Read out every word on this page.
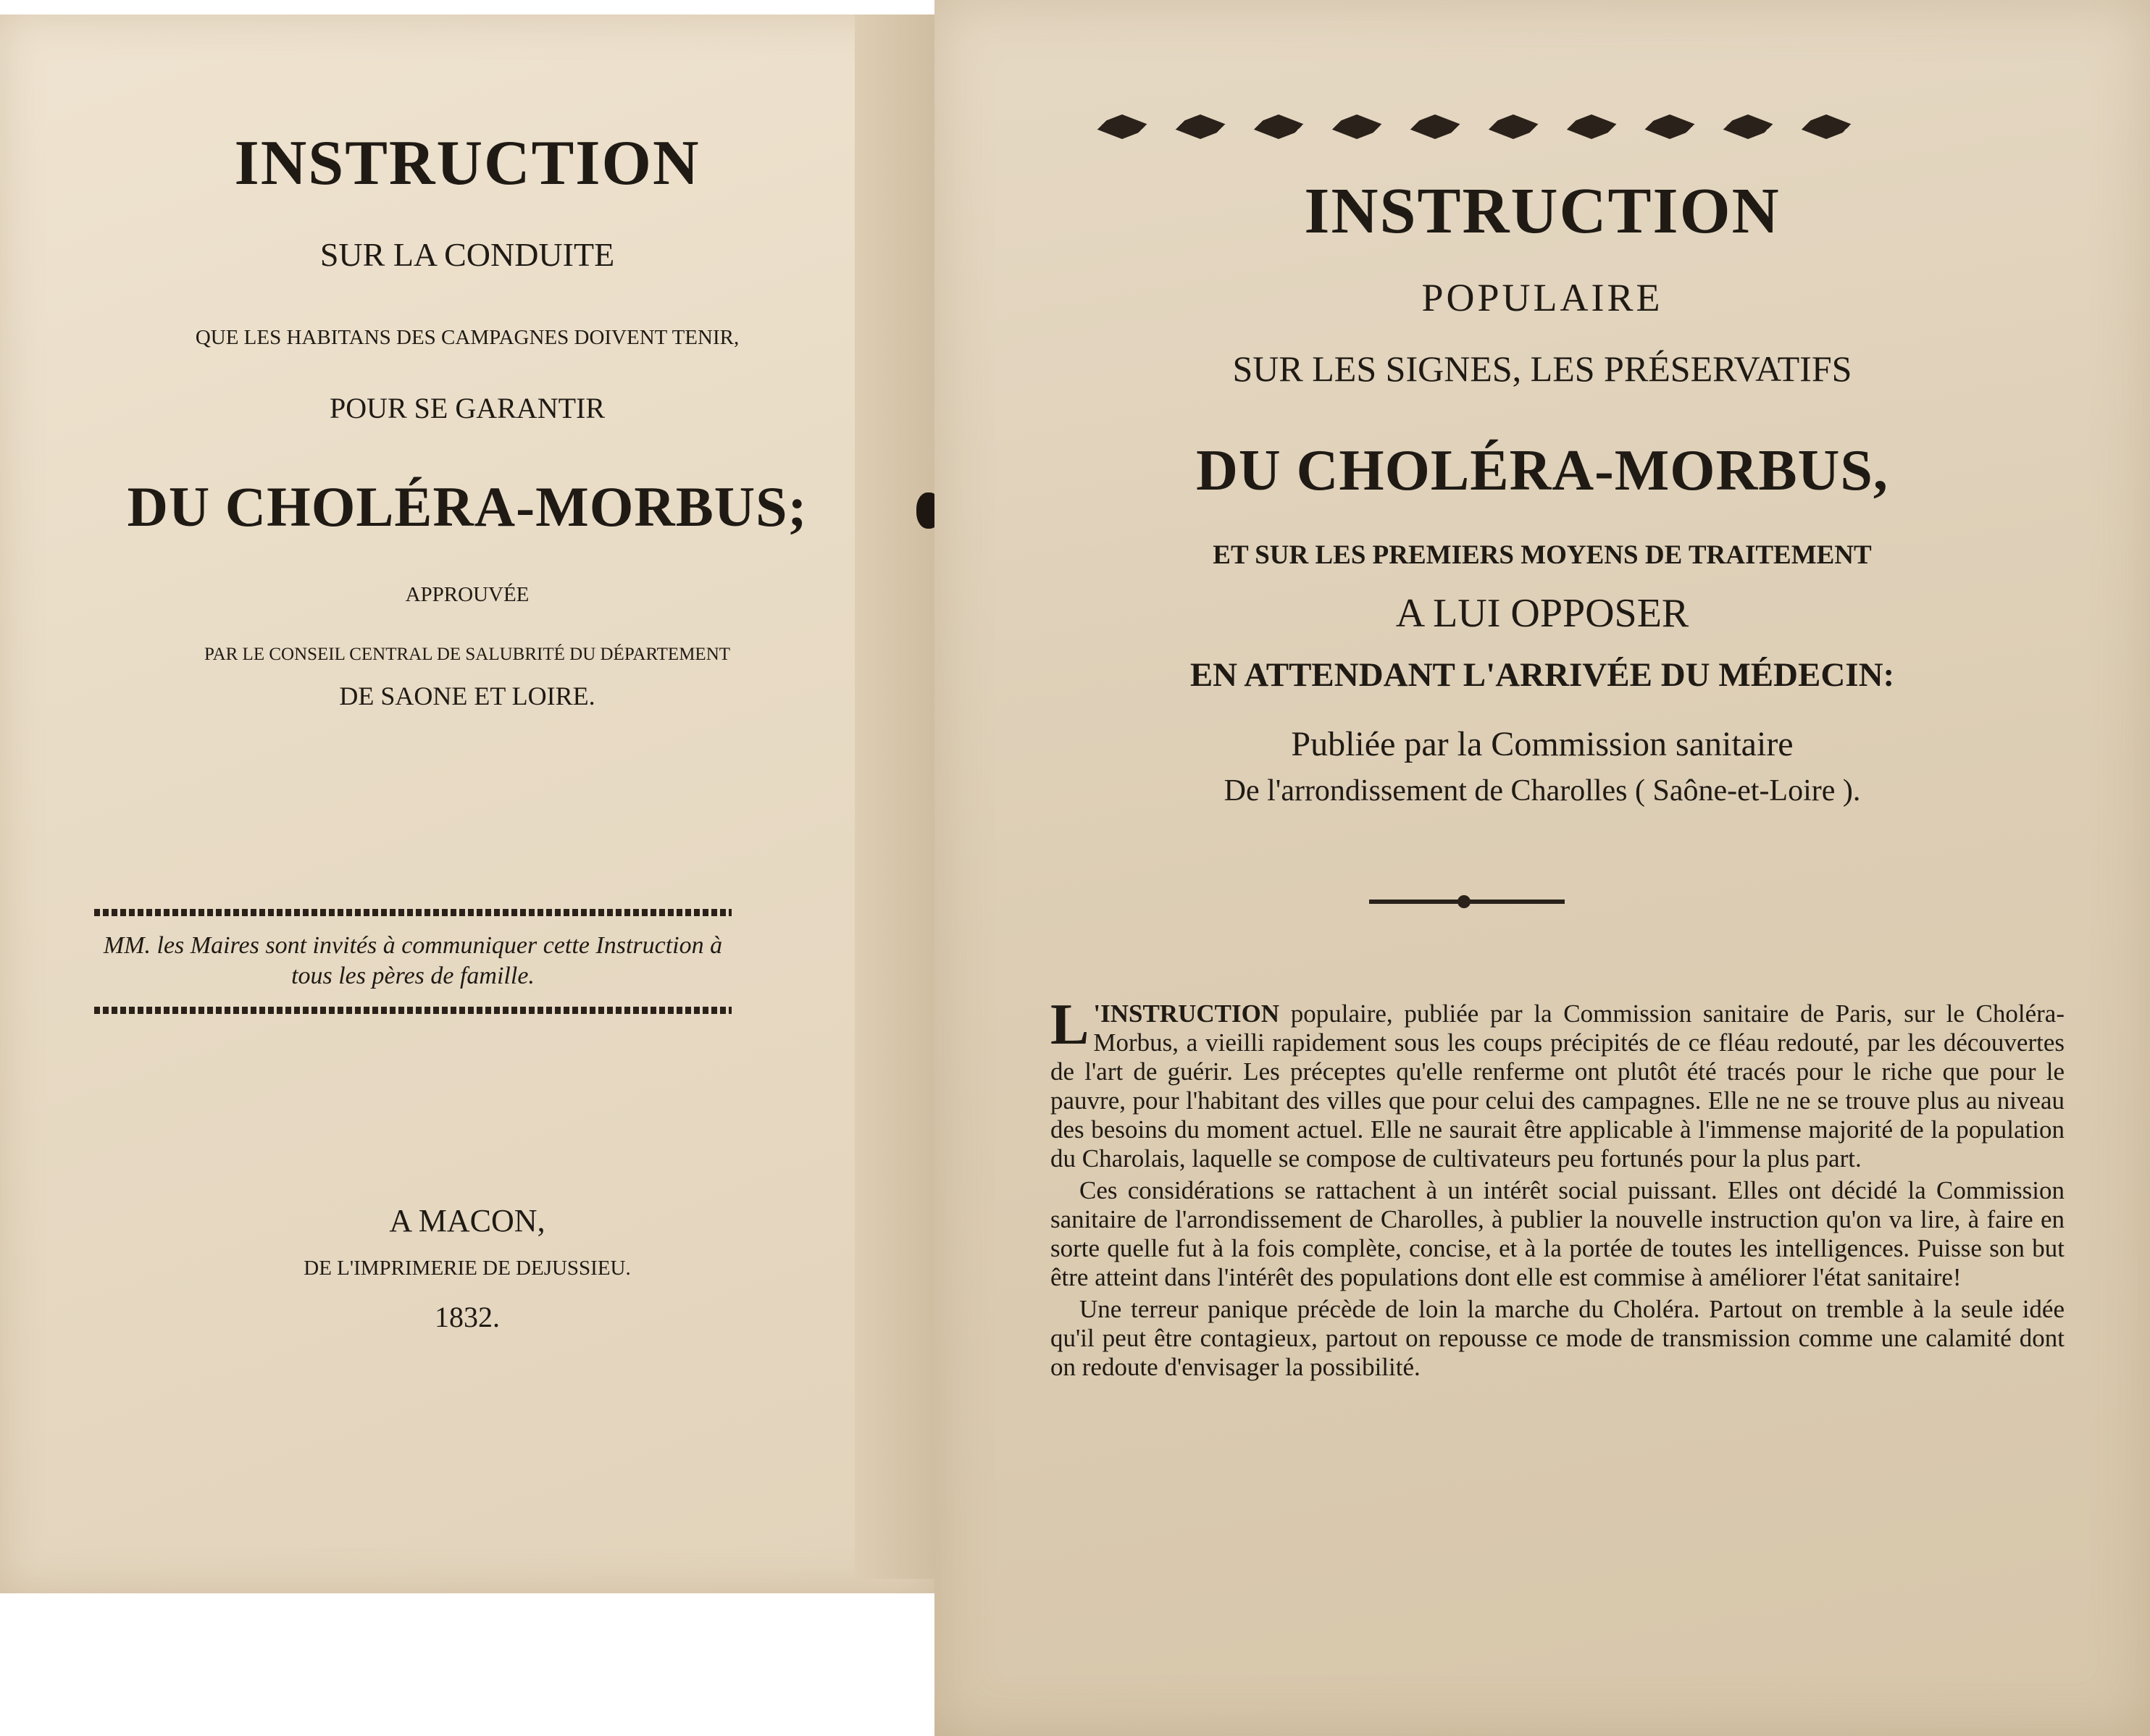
INSTRUCTION
SUR LA CONDUITE
QUE LES HABITANS DES CAMPAGNES DOIVENT TENIR,
POUR SE GARANTIR
DU CHOLÉRA-MORBUS;
APPROUVÉE
PAR LE CONSEIL CENTRAL DE SALUBRITÉ DU DÉPARTEMENT
DE SAONE ET LOIRE.
MM. les Maires sont invités à communiquer cette Instruction à tous les pères de famille.
A MACON,
DE L'IMPRIMERIE DE DEJUSSIEU.
1832.
INSTRUCTION
POPULAIRE
SUR LES SIGNES, LES PRÉSERVATIFS
DU CHOLÉRA-MORBUS,
ET SUR LES PREMIERS MOYENS DE TRAITEMENT
A LUI OPPOSER
EN ATTENDANT L'ARRIVÉE DU MÉDECIN:
Publiée par la Commission sanitaire
De l'arrondissement de Charolles ( Saône-et-Loire ).

L 'INSTRUCTION populaire, publiée par la Commission sanitaire de Paris, sur le Choléra-Morbus, a vieilli rapidement sous les coups précipités de ce fléau redouté, par les découvertes de l'art de guérir. Les préceptes qu'elle renferme ont plutôt été tracés pour le riche que pour le pauvre, pour l'habitant des villes que pour celui des campagnes. Elle ne ne se trouve plus au niveau des besoins du moment actuel. Elle ne saurait être applicable à l'immense majorité de la population du Charolais, laquelle se compose de cultivateurs peu fortunés pour la plus part.

Ces considérations se rattachent à un intérêt social puissant. Elles ont décidé la Commission sanitaire de l'arrondissement de Charolles, à publier la nouvelle instruction qu'on va lire, à faire en sorte quelle fut à la fois complète, concise, et à la portée de toutes les intelligences. Puisse son but être atteint dans l'intérêt des populations dont elle est commise à améliorer l'état sanitaire!

Une terreur panique précède de loin la marche du Choléra. Partout on tremble à la seule idée qu'il peut être contagieux, partout on repousse ce mode de transmission comme une calamité dont on redoute d'envisager la possibilité.
